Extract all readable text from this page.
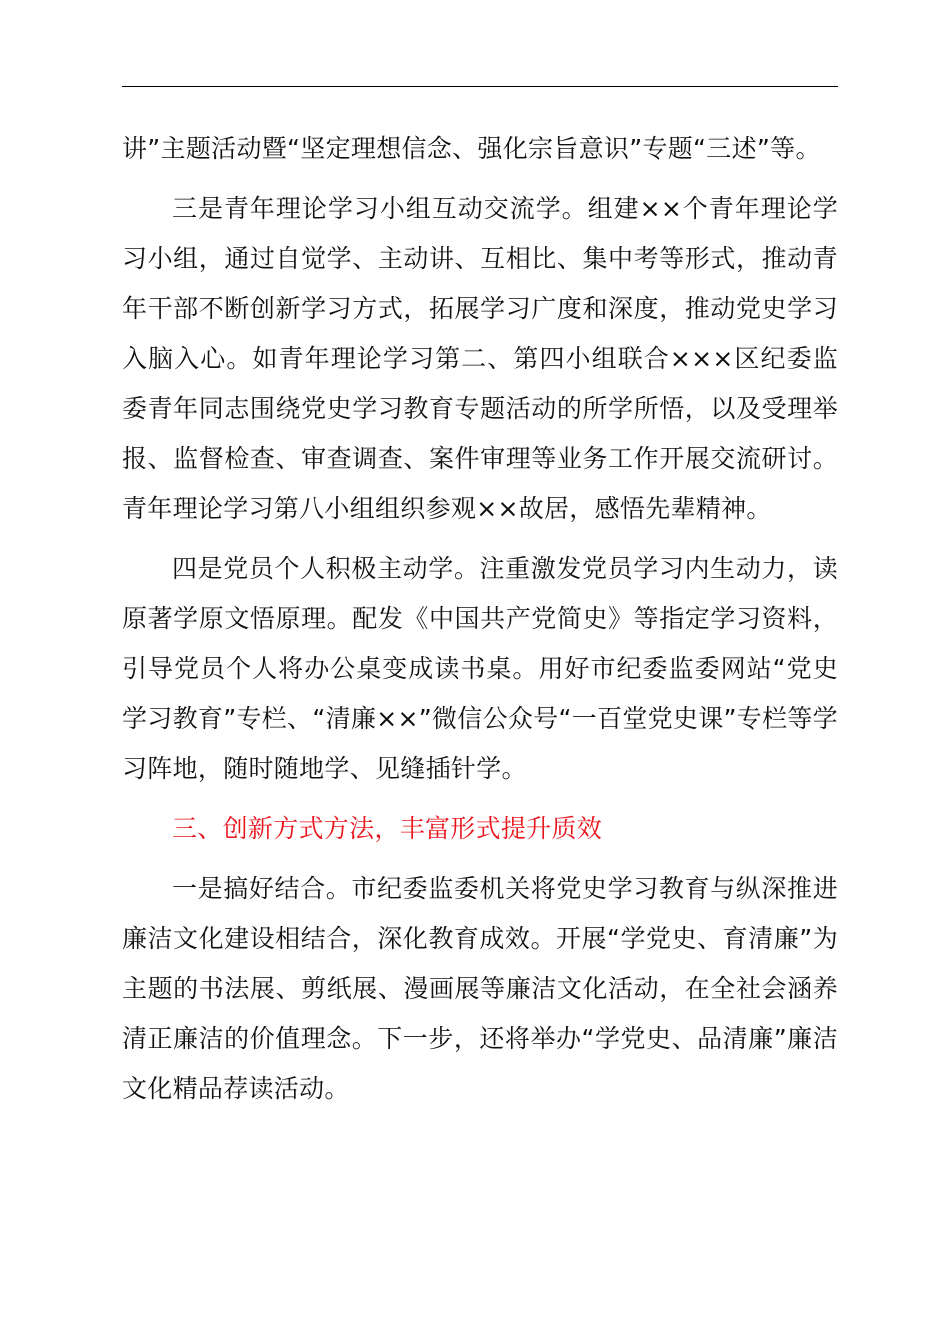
讲”主题活动暨“坚定理想信念、强化宗旨意识”专题“三述”等。

三是青年理论学习小组互动交流学。组建××个青年理论学习小组，通过自觉学、主动讲、互相比、集中考等形式，推动青年干部不断创新学习方式，拓展学习广度和深度，推动党史学习入脑入心。如青年理论学习第二、第四小组联合×××区纪委监委青年同志围绕党史学习教育专题活动的所学所悟，以及受理举报、监督检查、审查调查、案件审理等业务工作开展交流研讨。青年理论学习第八小组组织参观××故居，感悟先辈精神。

四是党员个人积极主动学。注重激发党员学习内生动力，读原著学原文悟原理。配发《中国共产党简史》等指定学习资料，引导党员个人将办公桌变成读书桌。用好市纪委监委网站“党史学习教育”专栏、“清廉××”微信公众号“一百堂党史课”专栏等学习阵地，随时随地学、见缝插针学。

三、创新方式方法，丰富形式提升质效

一是搞好结合。市纪委监委机关将党史学习教育与纵深推进廉洁文化建设相结合，深化教育成效。开展“学党史、育清廉”为主题的书法展、剪纸展、漫画展等廉洁文化活动，在全社会涵养清正廉洁的价值理念。下一步，还将举办“学党史、品清廉”廉洁文化精品荐读活动。
